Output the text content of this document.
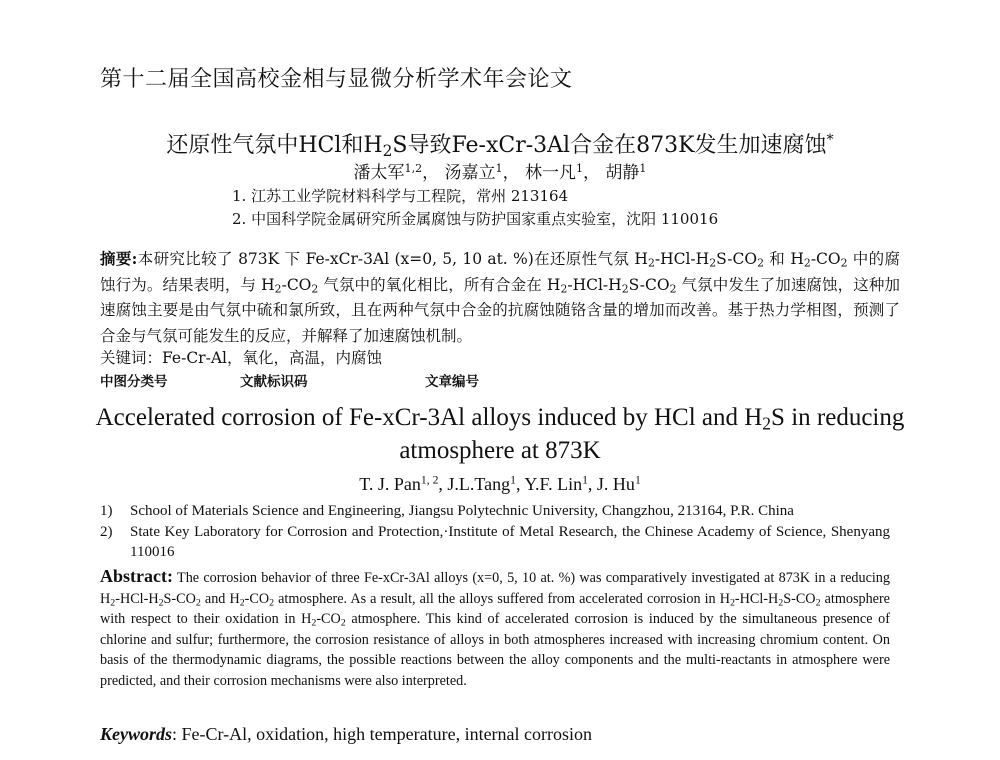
第十二届全国高校金相与显微分析学术年会论文
还原性气氛中HCl和$H_2S$导致Fe-xCr-3Al合金在873K发生加速腐蚀*
潘太军$^{1,2}$， 汤嘉立$^1$， 林一凡$^1$， 胡静$^1$
1. 江苏工业学院材料科学与工程院，常州 213164
2. 中国科学院金属研究所金属腐蚀与防护国家重点实验室，沈阳 110016
摘要:本研究比较了 873K 下 Fe-xCr-3Al (x=0, 5, 10 at. %)在还原性气氛 $H_2-HCl-H_2S-CO_2$ 和 $H_2-CO_2$ 中的腐蚀行为。结果表明，与 $H_2-CO_2$ 气氛中的氧化相比，所有合金在 $H_2-HCl-H_2S-CO_2$ 气氛中发生了加速腐蚀，这种加速腐蚀主要是由气氛中硫和氯所致，且在两种气氛中合金的抗腐蚀随铬含量的增加而改善。基于热力学相图，预测了合金与气氛可能发生的反应，并解释了加速腐蚀机制。
关键词：Fe-Cr-Al，氧化，高温，内腐蚀
中图分类号	文献标识码	文章编号
Accelerated corrosion of Fe-xCr-3Al alloys induced by HCl and $H_2S$ in reducing atmosphere at 873K
T. J. Pan$^{1, 2}$, J.L.Tang$^1$, Y.F. Lin$^1$, J. Hu$^1$
1) School of Materials Science and Engineering, Jiangsu Polytechnic University, Changzhou, 213164, P.R. China
2) State Key Laboratory for Corrosion and Protection,·Institute of Metal Research, the Chinese Academy of Science, Shenyang 110016
Abstract: The corrosion behavior of three Fe-xCr-3Al alloys (x=0, 5, 10 at. %) was comparatively investigated at 873K in a reducing $H_2-HCl-H_2S-CO_2$ and $H_2-CO_2$ atmosphere. As a result, all the alloys suffered from accelerated corrosion in $H_2-HCl-H_2S-CO_2$ atmosphere with respect to their oxidation in $H_2-CO_2$ atmosphere. This kind of accelerated corrosion is induced by the simultaneous presence of chlorine and sulfur; furthermore, the corrosion resistance of alloys in both atmospheres increased with increasing chromium content. On basis of the thermodynamic diagrams, the possible reactions between the alloy components and the multi-reactants in atmosphere were predicted, and their corrosion mechanisms were also interpreted.
Keywords: Fe-Cr-Al, oxidation, high temperature, internal corrosion
